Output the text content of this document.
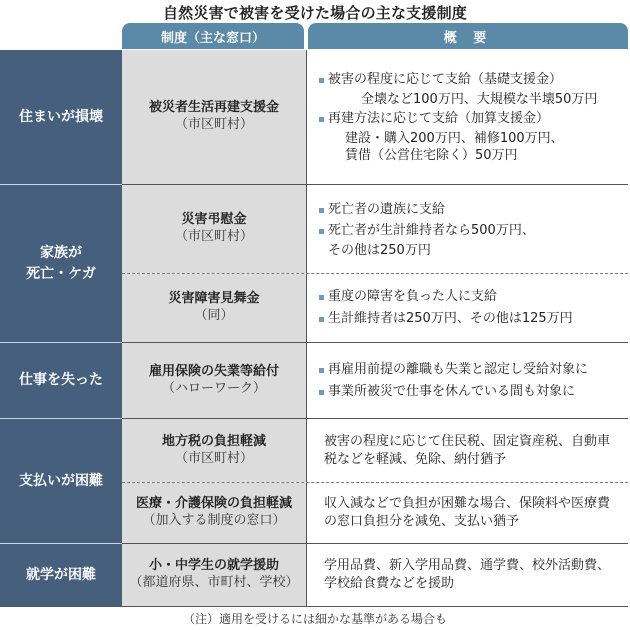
自然災害で被害を受けた場合の主な支援制度
制度（主な窓口）	概 要
住まいが損壊
被災者生活再建支援金
（市区町村）
被害の程度に応じて支給（基礎支援金）
全壊など100万円、大規模な半壊50万円
再建方法に応じて支給（加算支援金）
建設・購入200万円、補修100万円、
賃借（公営住宅除く）50万円
家族が
死亡・ケガ
災害弔慰金
（市区町村）
死亡者の遺族に支給
死亡者が生計維持者なら500万円、
その他は250万円
災害障害見舞金
（同）
重度の障害を負った人に支給
生計維持者は250万円、その他は125万円
仕事を失った
雇用保険の失業等給付
（ハローワーク）
再雇用前提の離職も失業と認定し受給対象に
事業所被災で仕事を休んでいる間も対象に
支払いが困難
地方税の負担軽減
（市区町村）
被害の程度に応じて住民税、固定資産税、自動車税などを軽減、免除、納付猶予
医療・介護保険の負担軽減
（加入する制度の窓口）
収入減などで負担が困難な場合、保険料や医療費の窓口負担分を減免、支払い猶予
就学が困難
小・中学生の就学援助
（都道府県、市町村、学校）
学用品費、新入学用品費、通学費、校外活動費、学校給食費などを援助
（注）適用を受けるには細かな基準がある場合も
